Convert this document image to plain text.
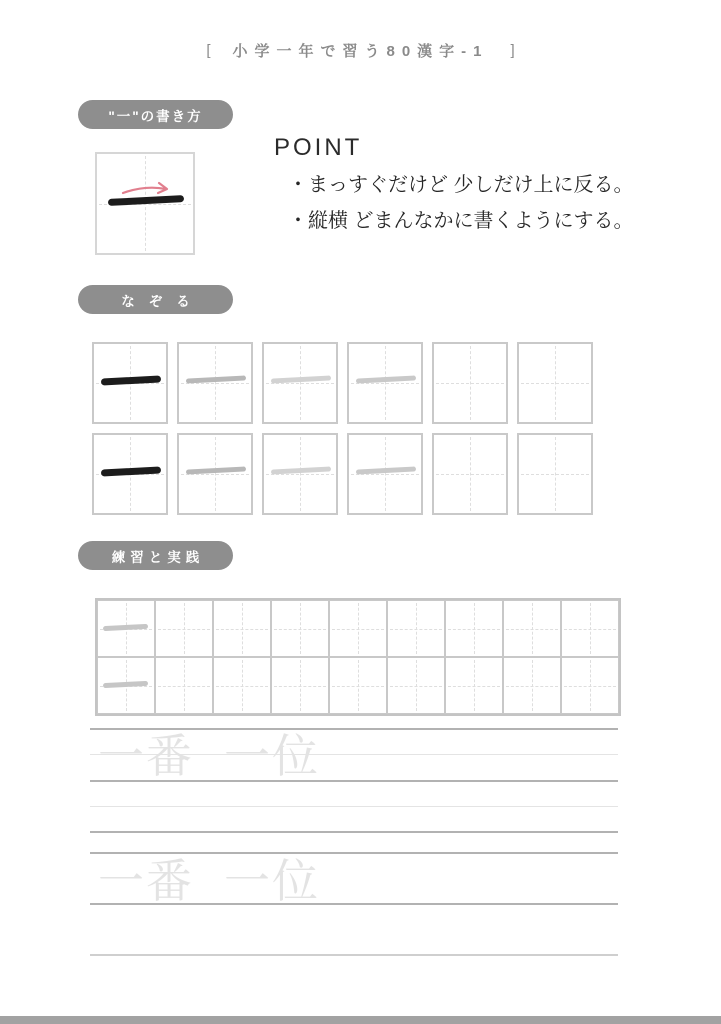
[ 小学一年で習う80漢字-1 ]
"一"の書き方
POINT
・まっすぐだけど 少しだけ上に反る。
・縦横 どまんなかに書くようにする。
なぞる
練習と実践
一番 一位
一番 一位
